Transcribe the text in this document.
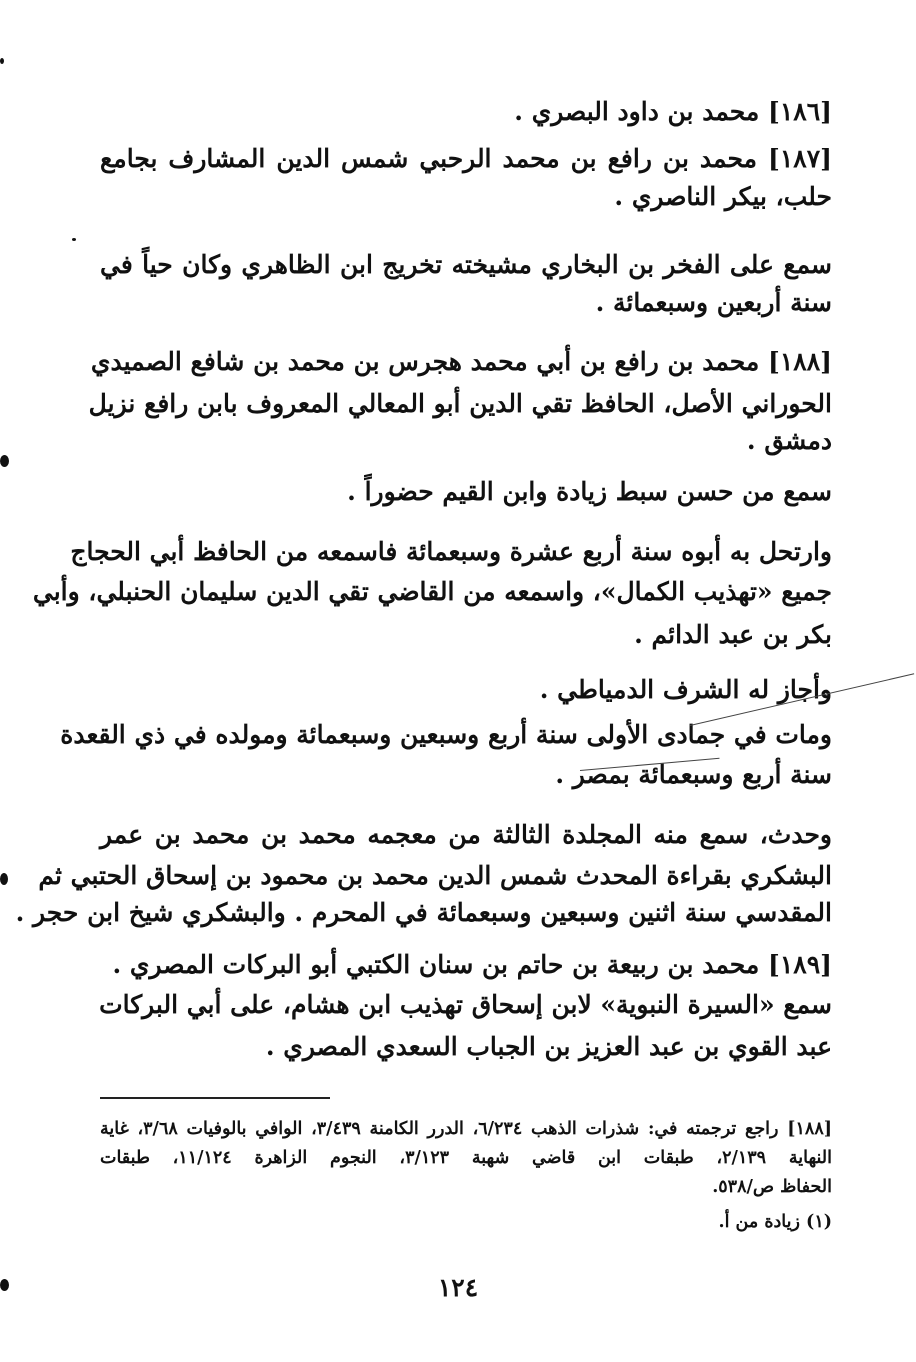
[١٨٦] محمد بن داود البصري .
[١٨٧] محمد بن رافع بن محمد الرحبي شمس الدين المشارف بجامع
حلب، بيكر الناصري .
سمع على الفخر بن البخاري مشيخته تخريج ابن الظاهري وكان حياً في
سنة أربعين وسبعمائة .
[١٨٨] محمد بن رافع بن أبي محمد هجرس بن محمد بن شافع الصميدي
الحوراني الأصل، الحافظ تقي الدين أبو المعالي المعروف بابن رافع نزيل
دمشق .
سمع من حسن سبط زيادة وابن القيم حضوراً .
وارتحل به أبوه سنة أربع عشرة وسبعمائة فاسمعه من الحافظ أبي الحجاج
جميع «تهذيب الكمال»، واسمعه من القاضي تقي الدين سليمان الحنبلي، وأبي
بكر بن عبد الدائم .
وأجاز له الشرف الدمياطي .
ومات في جمادى الأولى سنة أربع وسبعين وسبعمائة ومولده في ذي القعدة
سنة أربع وسبعمائة بمصر .
وحدث، سمع منه المجلدة الثالثة من معجمه محمد بن محمد بن عمر
البشكري بقراءة المحدث شمس الدين محمد بن محمود بن إسحاق الحتبي ثم
المقدسي سنة اثنين وسبعين وسبعمائة في المحرم . والبشكري شيخ ابن حجر .
[١٨٩] محمد بن ربيعة بن حاتم بن سنان الكتبي أبو البركات المصري .
سمع «السيرة النبوية» لابن إسحاق تهذيب ابن هشام، على أبي البركات
عبد القوي بن عبد العزيز بن الجباب السعدي المصري .
[١٨٨] راجع ترجمته في: شذرات الذهب ٦/٢٣٤، الدرر الكامنة ٣/٤٣٩، الوافي بالوفيات ٣/٦٨، غاية
النهاية ٢/١٣٩، طبقات ابن قاضي شهبة ٣/١٢٣، النجوم الزاهرة ١١/١٢٤، طبقات
الحفاظ ص/٥٣٨.
(١) زيادة من أ.
١٢٤
